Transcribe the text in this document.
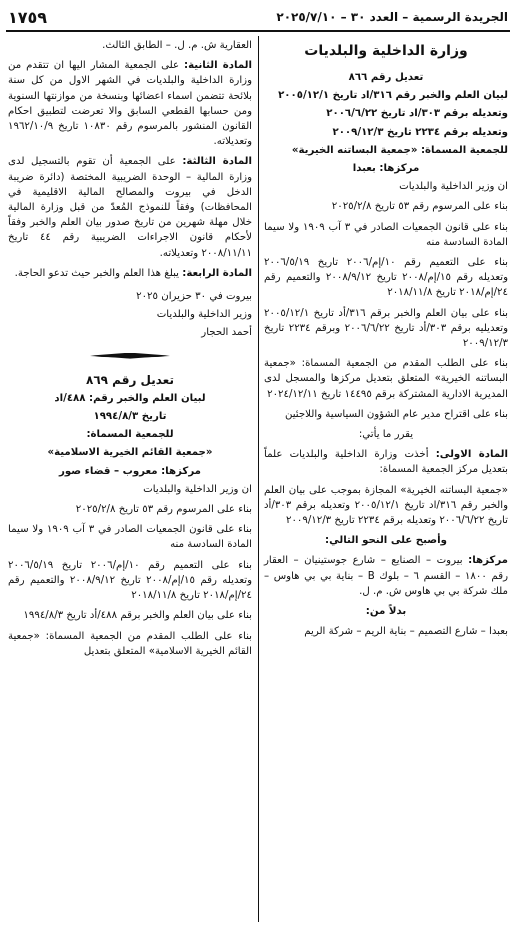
١٧٥٩	الجريدة الرسمية – العدد ٣٠ – ٢٠٢٥/٧/١٠
وزارة الداخلية والبلديات
تعديل رقم ٨٦٦
لبيان العلم والخبر رقم ٣١٦/اد تاريخ ٢٠٠٥/١٢/١
وتعديله برقم ٣٠٣/اد تاريخ ٢٠٠٦/٦/٢٢
وتعديله برقم ٢٢٣٤ تاريخ ٢٠٠٩/١٢/٣
للجمعية المسماة: «جمعية البساتنه الخيرية»
مركزها: بعبدا

ان وزير الداخلية والبلديات

بناء على المرسوم رقم ٥٣ تاريخ ٢٠٢٥/٢/٨

بناء على قانون الجمعيات الصادر في ٣ آب ١٩٠٩ ولا سيما المادة السادسة منه

بناء على التعميم رقم ١٠/إم/٢٠٠٦ تاريخ ٢٠٠٦/٥/١٩ وتعديله رقم ١٥/إم/٢٠٠٨ تاريخ ٢٠٠٨/٩/١٢ والتعميم رقم ٢٤/إم/٢٠١٨ تاريخ ٢٠١٨/١١/٨

بناء على بيان العلم والخبر برقم ٣١٦/أد تاريخ ٢٠٠٥/١٢/١ وتعديليه برقم ٣٠٣/أد تاريخ ٢٠٠٦/٦/٢٢ وبرقم ٢٢٣٤ تاريخ ٢٠٠٩/١٢/٣

بناء على الطلب المقدم من الجمعية المسماة: «جمعية البساتنه الخيرية» المتعلق بتعديل مركزها والمسجل لدى المديرية الادارية المشتركة برقم ١٤٤٩٥ تاريخ ٢٠٢٤/١٢/١١

بناء على اقتراح مدير عام الشؤون السياسية واللاجئين

يقرر ما يأتي:

المادة الاولى: أخذت وزارة الداخلية والبلديات علماً بتعديل مركز الجمعية المسماة:

«جمعية البساتنه الخيرية» المجازة بموجب على بيان العلم والخبر رقم ٣١٦/اد تاريخ ٢٠٠٥/١٢/١ وتعديله برقم ٣٠٣/أد تاريخ ٢٠٠٦/٦/٢٢ وتعديله برقم ٢٢٣٤ تاريخ ٢٠٠٩/١٢/٣

وأصبح على النحو التالي:

مركزها: بيروت – الصنايع – شارع جوستينيان – العقار رقم ١٨٠٠ – القسم ٦ – بلوك B – بناية بي بي هاوس – ملك شركة بي بي هاوس ش. م. ل.

بدلاً من:

بعبدا – شارع التصميم – بناية الريم – شركة الريم

العقارية ش. م. ل. – الطابق الثالث.

المادة الثانية: على الجمعية المشار اليها ان تتقدم من وزارة الداخلية والبلديات في الشهر الاول من كل سنة بلائحة تتضمن اسماء اعضائها وبنسخة من موازنتها السنوية ومن حسابها القطعي السابق والا تعرضت لتطبيق احكام القانون المنشور بالمرسوم رقم ١٠٨٣٠ تاريخ ١٩٦٢/١٠/٩ وتعديلاته.

المادة الثالثة: على الجمعية أن تقوم بالتسجيل لدى وزارة المالية – الوحدة الضريبية المختصة (دائرة ضريبة الدخل في بيروت والمصالح المالية الاقليمية في المحافظات) وفقاً للنموذج المُعدّ من قبل وزارة المالية خلال مهلة شهرين من تاريخ صدور بيان العلم والخبر وفقاً لأحكام قانون الاجراءات الضريبية رقم ٤٤ تاريخ ٢٠٠٨/١١/١١ وتعديلاته.

المادة الرابعة: يبلغ هذا العلم والخبر حيث تدعو الحاجة.

بيروت في ٣٠ حزيران ٢٠٢٥
وزير الداخلية والبلديات
أحمد الحجار
تعديل رقم ٨٦٩
لبيان العلم والخبر رقم: ٤٨٨/اد
تاريخ ١٩٩٤/٨/٣
للجمعية المسماة:
«جمعية القائم الخيرية الاسلامية»
مركزها: معروب – قضاء صور

ان وزير الداخلية والبلديات

بناء على المرسوم رقم ٥٣ تاريخ ٢٠٢٥/٢/٨

بناء على قانون الجمعيات الصادر في ٣ آب ١٩٠٩ ولا سيما المادة السادسة منه

بناء على التعميم رقم ١٠/إم/٢٠٠٦ تاريخ ٢٠٠٦/٥/١٩ وتعديله رقم ١٥/إم/٢٠٠٨ تاريخ ٢٠٠٨/٩/١٢ والتعميم رقم ٢٤/إم/٢٠١٨ تاريخ ٢٠١٨/١١/٨

بناء على بيان العلم والخبر برقم ٤٨٨/أد تاريخ ١٩٩٤/٨/٣

بناء على الطلب المقدم من الجمعية المسماة: «جمعية القائم الخيرية الاسلامية» المتعلق بتعديل
